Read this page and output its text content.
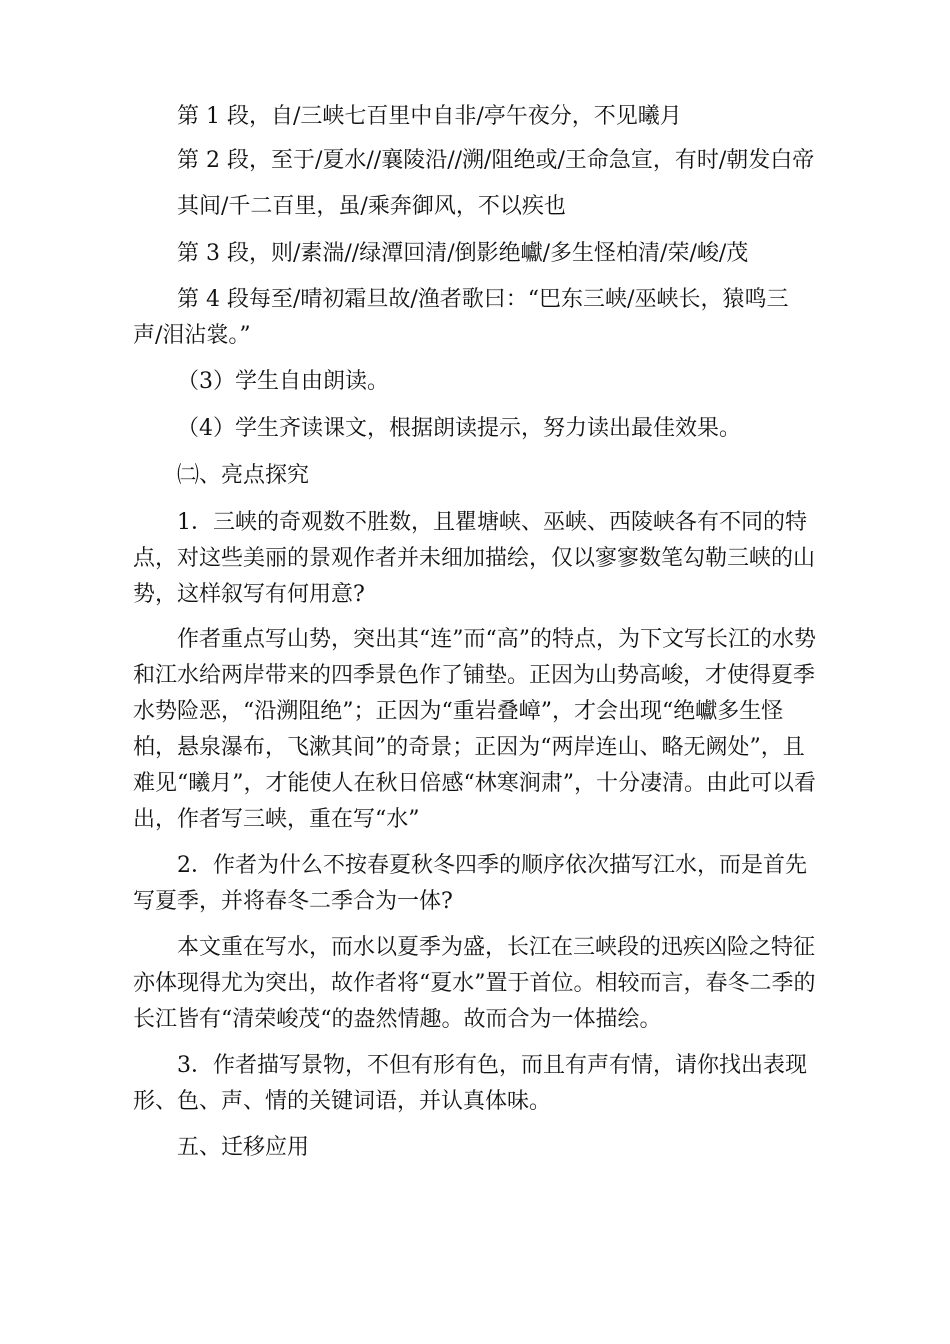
第 1 段，自/三峡七百里中自非/亭午夜分，不见曦月

第 2 段，至于/夏水//襄陵沿//溯/阻绝或/王命急宣，有时/朝发白帝

其间/千二百里，虽/乘奔御风，不以疾也

第 3 段，则/素湍//绿潭回清/倒影绝巘/多生怪柏清/荣/峻/茂

第 4 段每至/晴初霜旦故/渔者歌曰：“巴东三峡/巫峡长，猿鸣三声/泪沾裳。”

（3）学生自由朗读。

（4）学生齐读课文，根据朗读提示，努力读出最佳效果。

㈡、亮点探究

1．三峡的奇观数不胜数，且瞿塘峡、巫峡、西陵峡各有不同的特点，对这些美丽的景观作者并未细加描绘，仅以寥寥数笔勾勒三峡的山势，这样叙写有何用意?

作者重点写山势，突出其“连”而“高”的特点，为下文写长江的水势和江水给两岸带来的四季景色作了铺垫。正因为山势高峻，才使得夏季水势险恶，“沿溯阻绝”；正因为“重岩叠嶂”，才会出现“绝巘多生怪柏，悬泉瀑布，飞漱其间”的奇景；正因为“两岸连山、略无阙处”，且难见“曦月”，才能使人在秋日倍感“林寒涧肃”，十分凄清。由此可以看出，作者写三峡，重在写“水”

2．作者为什么不按春夏秋冬四季的顺序依次描写江水，而是首先写夏季，并将春冬二季合为一体?

本文重在写水，而水以夏季为盛，长江在三峡段的迅疾凶险之特征亦体现得尤为突出，故作者将“夏水”置于首位。相较而言，春冬二季的长江皆有“清荣峻茂“的盎然情趣。故而合为一体描绘。

3．作者描写景物，不但有形有色，而且有声有情，请你找出表现形、色、声、情的关键词语，并认真体味。

五、迁移应用
